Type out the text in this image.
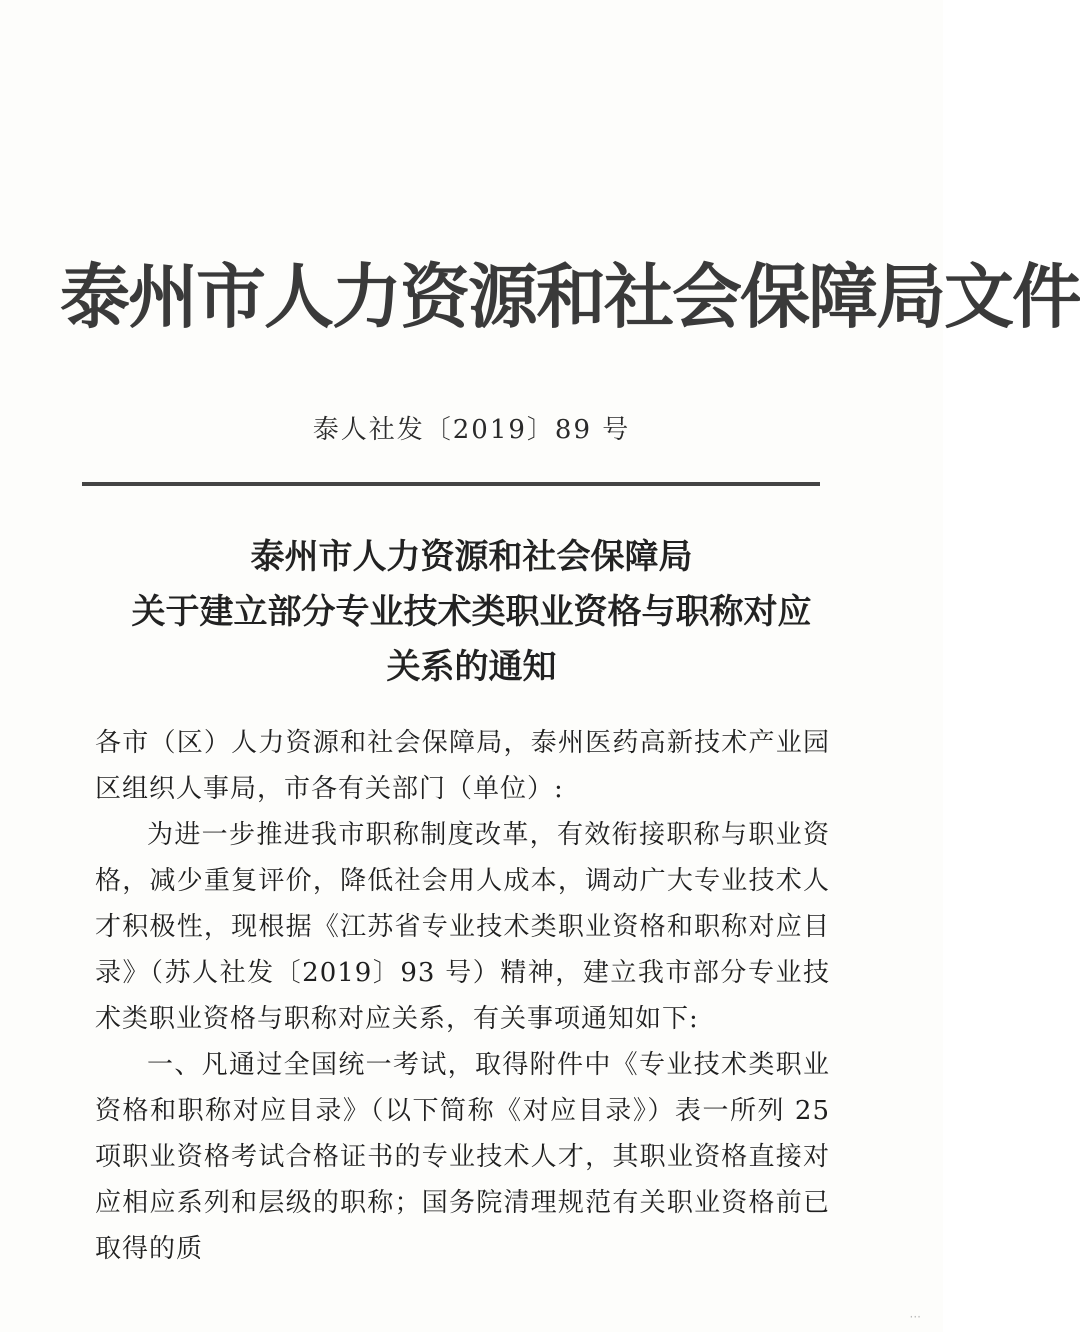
泰州市人力资源和社会保障局文件
泰人社发〔2019〕89 号
泰州市人力资源和社会保障局
关于建立部分专业技术类职业资格与职称对应
关系的通知

各市（区）人力资源和社会保障局，泰州医药高新技术产业园区组织人事局，市各有关部门（单位）:

为进一步推进我市职称制度改革，有效衔接职称与职业资格，减少重复评价，降低社会用人成本，调动广大专业技术人才积极性，现根据《江苏省专业技术类职业资格和职称对应目录》（苏人社发〔2019〕93 号）精神，建立我市部分专业技术类职业资格与职称对应关系，有关事项通知如下:

一、凡通过全国统一考试，取得附件中《专业技术类职业资格和职称对应目录》（以下简称《对应目录》）表一所列 25 项职业资格考试合格证书的专业技术人才，其职业资格直接对应相应系列和层级的职称；国务院清理规范有关职业资格前已取得的质

···
